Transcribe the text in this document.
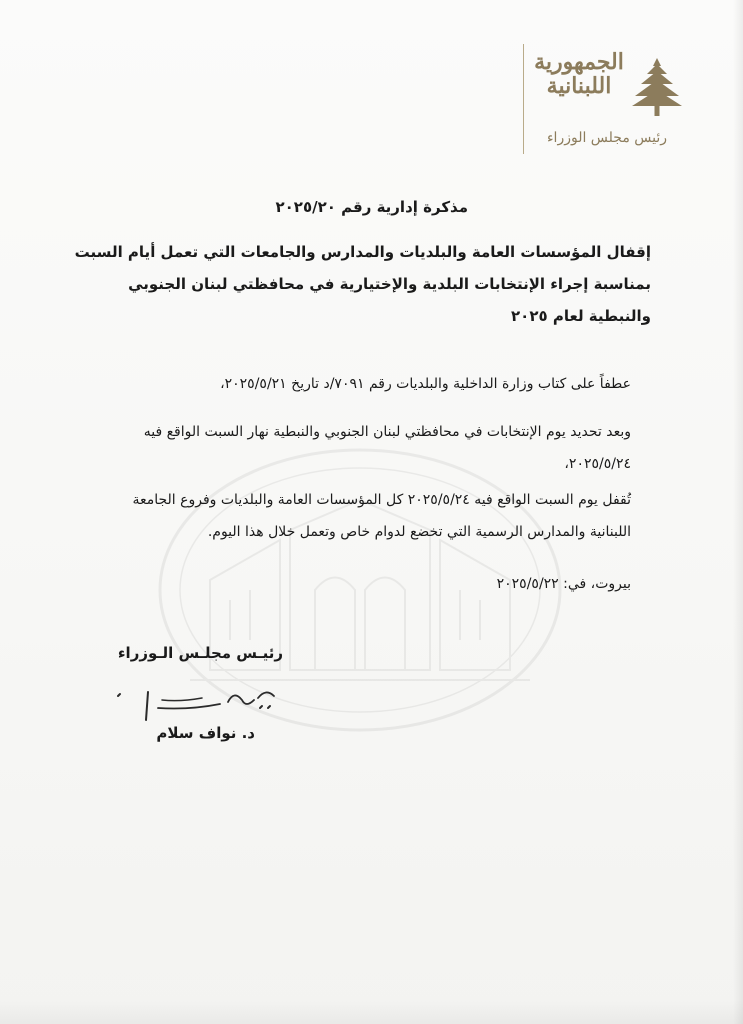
الجمهورية
اللبنانية
رئيس مجلس الوزراء
مذكرة إدارية رقم ٢٠٢٥/٢٠
إقفال المؤسسات العامة والبلديات والمدارس والجامعات التي تعمل أيام السبت
بمناسبة إجراء الإنتخابات البلدية والإختيارية في محافظتي لبنان الجنوبي والنبطية لعام ٢٠٢٥
عطفاً على كتاب وزارة الداخلية والبلديات رقم ٧٠٩١/د تاريخ ٢٠٢٥/٥/٢١،
وبعد تحديد يوم الإنتخابات في محافظتي لبنان الجنوبي والنبطية نهار السبت الواقع فيه ٢٠٢٥/٥/٢٤،
تُقفل يوم السبت الواقع فيه ٢٠٢٥/٥/٢٤ كل المؤسسات العامة والبلديات وفروع الجامعة اللبنانية والمدارس الرسمية التي تخضع لدوام خاص وتعمل خلال هذا اليوم.
بيروت، في: ٢٠٢٥/٥/٢٢
رئيـس مجلـس الـوزراء
د. نواف سلام
